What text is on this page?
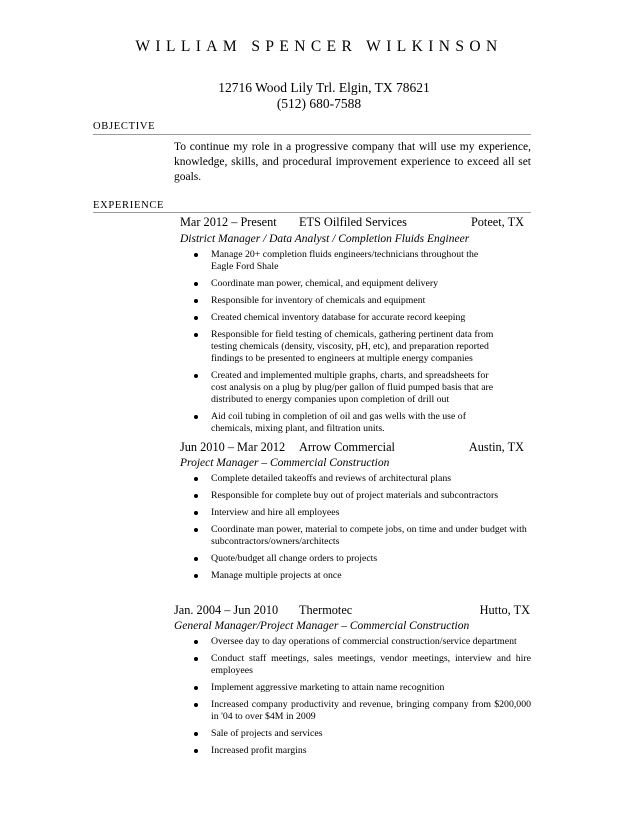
WILLIAM SPENCER WILKINSON
12716 Wood Lily Trl. Elgin, TX 78621
(512) 680-7588
OBJECTIVE
To continue my role in a progressive company that will use my experience, knowledge, skills, and procedural improvement experience to exceed all set goals.
EXPERIENCE
Mar 2012 – Present ETS Oilfiled Services	Poteet, TX
District Manager / Data Analyst / Completion Fluids Engineer
Manage 20+ completion fluids engineers/technicians throughout the Eagle Ford Shale
Coordinate man power, chemical, and equipment delivery
Responsible for inventory of chemicals and equipment
Created chemical inventory database for accurate record keeping
Responsible for field testing of chemicals, gathering pertinent data from testing chemicals (density, viscosity, pH, etc), and preparation reported findings to be presented to engineers at multiple energy companies
Created and implemented multiple graphs, charts, and spreadsheets for cost analysis on a plug by plug/per gallon of fluid pumped basis that are distributed to energy companies upon completion of drill out
Aid coil tubing in completion of oil and gas wells with the use of chemicals, mixing plant, and filtration units.
Jun 2010 – Mar 2012 Arrow Commercial	Austin, TX
Project Manager – Commercial Construction
Complete detailed takeoffs and reviews of architectural plans
Responsible for complete buy out of project materials and subcontractors
Interview and hire all employees
Coordinate man power, material to compete jobs, on time and under budget with subcontractors/owners/architects
Quote/budget all change orders to projects
Manage multiple projects at once
Jan. 2004 – Jun 2010 Thermotec	Hutto, TX
General Manager/Project Manager – Commercial Construction
Oversee day to day operations of commercial construction/service department
Conduct staff meetings, sales meetings, vendor meetings, interview and hire employees
Implement aggressive marketing to attain name recognition
Increased company productivity and revenue, bringing company from $200,000 in '04 to over $4M in 2009
Sale of projects and services
Increased profit margins
